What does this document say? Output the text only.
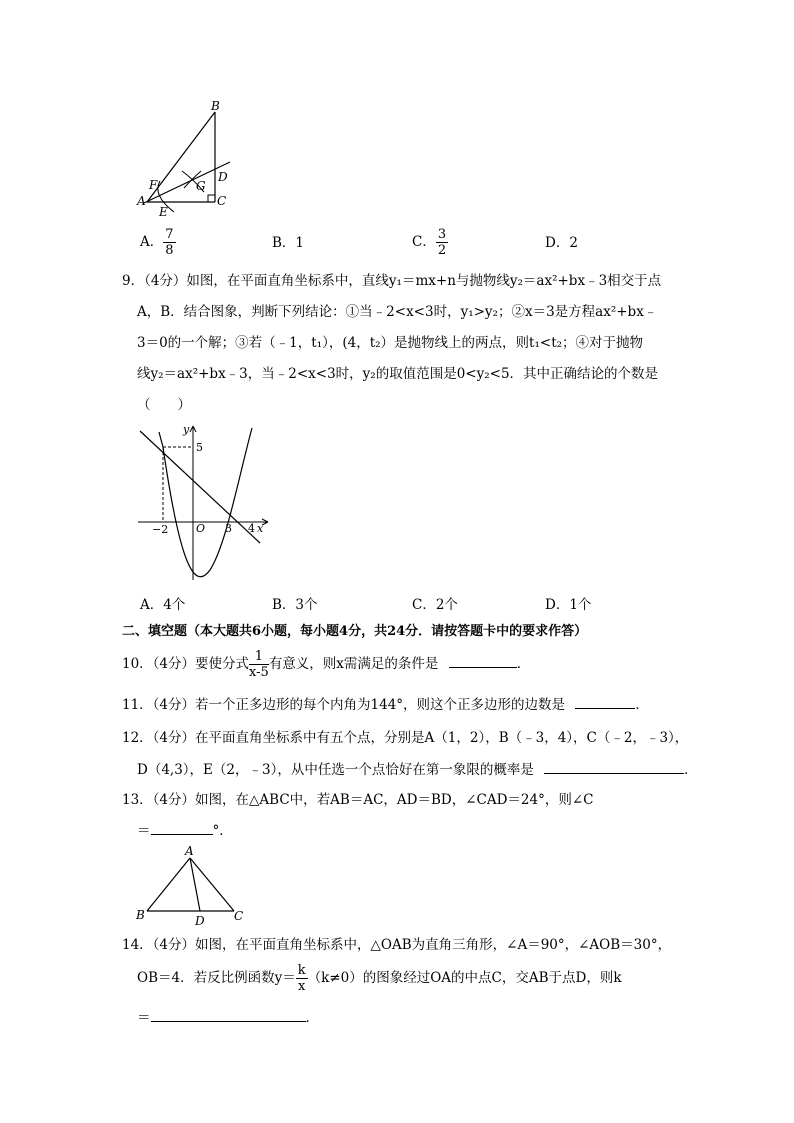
B
F	G
D
A
E
C
A． $\frac{7}{8}$	B．1	C． $\frac{3}{2}$	D．2
9．（4分）如图，在平面直角坐标系中，直线y₁＝mx+n与抛物线y₂＝ax²+bx﹣3相交于点
A，B．结合图象，判断下列结论：①当﹣2<x<3时，y₁>y₂；②x＝3是方程ax²+bx﹣
3＝0的一个解；③若（﹣1，t₁），(4，t₂）是抛物线上的两点，则t₁<t₂；④对于抛物
线y₂＝ax²+bx﹣3，当﹣2<x<3时，y₂的取值范围是0<y₂<5．其中正确结论的个数是
（　　）
y
5
−2	O 3 4 x
A．4个	B．3个	C．2个	D．1个
二、填空题（本大题共6小题，每小题4分，共24分．请按答题卡中的要求作答）
10．（4分）要使分式 $\frac{1}{x-5}$ 有意义，则x需满足的条件是	．
11．（4分）若一个正多边形的每个内角为144°，则这个正多边形的边数是	．
12．（4分）在平面直角坐标系中有五个点，分别是A（1，2），B（﹣3，4），C（﹣2，﹣3），
D（4,3），E（2，﹣3），从中任选一个点恰好在第一象限的概率是	．
13．（4分）如图，在△ABC中，若AB＝AC，AD＝BD，∠CAD＝24°，则∠C
＝	°．
A
B	D C
14．（4分）如图，在平面直角坐标系中，△OAB为直角三角形，∠A＝90°，∠AOB＝30°，
OB＝4．若反比例函数$y= \frac{k}{x} (k\ne 0)$的图象经过OA的中点C，交AB于点D，则k
＝	．
